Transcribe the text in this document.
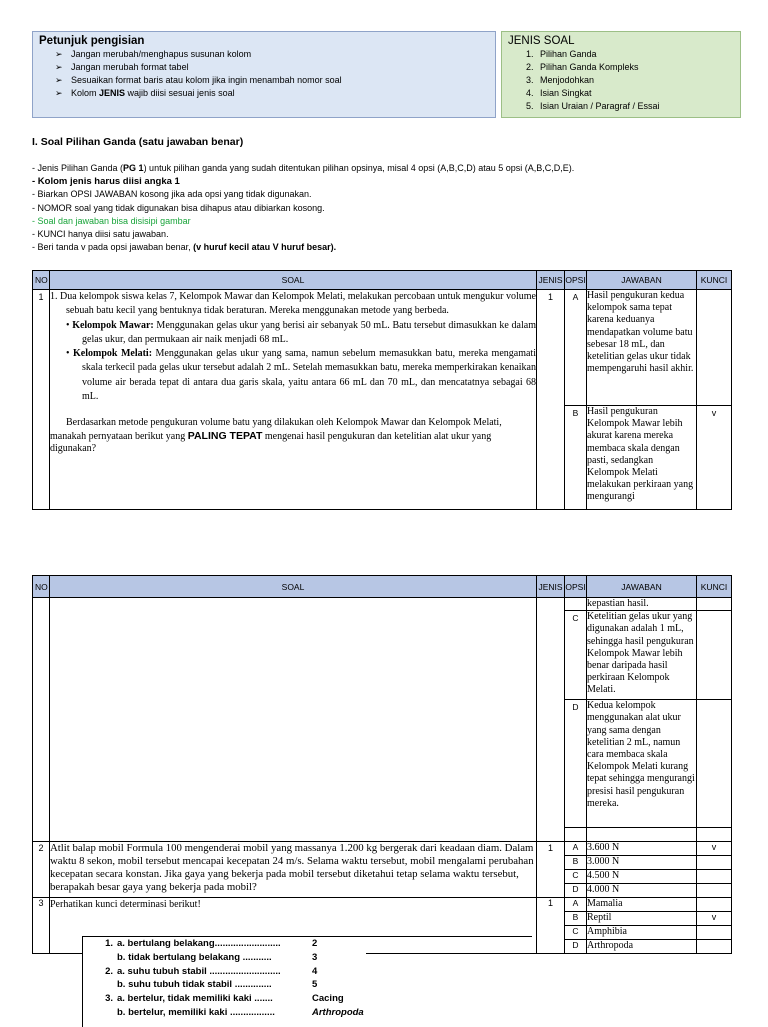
Petunjuk pengisian
➢ Jangan merubah/menghapus susunan kolom
➢ Jangan merubah format tabel
➢ Sesuaikan format baris atau kolom jika ingin menambah nomor soal
➢ Kolom JENIS wajib diisi sesuai jenis soal
JENIS SOAL
1. Pilihan Ganda
2. Pilihan Ganda Kompleks
3. Menjodohkan
4. Isian Singkat
5. Isian Uraian / Paragraf / Essai
I. Soal Pilihan Ganda (satu jawaban benar)
- Jenis Pilihan Ganda (PG 1) untuk pilihan ganda yang sudah ditentukan pilihan opsinya, misal 4 opsi (A,B,C,D) atau 5 opsi (A,B,C,D,E).
- Kolom jenis harus diisi angka 1
- Biarkan OPSI JAWABAN kosong jika ada opsi yang tidak digunakan.
- NOMOR soal yang tidak digunakan bisa dihapus atau dibiarkan kosong.
- Soal dan jawaban bisa disisipi gambar
- KUNCI hanya diisi satu jawaban.
- Beri tanda v pada opsi jawaban benar, (v huruf kecil atau V huruf besar).
NO	SOAL	JENIS	OPSI	JAWABAN	KUNCI
1	1. Dua kelompok siswa kelas 7, Kelompok Mawar dan Kelompok Melati, melakukan percobaan untuk mengukur volume sebuah batu kecil yang bentuknya tidak beraturan. Mereka menggunakan metode yang berbeda.

• Kelompok Mawar: Menggunakan gelas ukur yang berisi air sebanyak 50 mL. Batu tersebut dimasukkan ke dalam gelas ukur, dan permukaan air naik menjadi 68 mL.

• Kelompok Melati: Menggunakan gelas ukur yang sama, namun sebelum memasukkan batu, mereka mengamati skala terkecil pada gelas ukur tersebut adalah 2 mL. Setelah memasukkan batu, mereka memperkirakan kenaikan volume air berada tepat di antara dua garis skala, yaitu antara 66 mL dan 70 mL, dan mencatatnya sebagai 68 mL.

Berdasarkan metode pengukuran volume batu yang dilakukan oleh Kelompok Mawar dan Kelompok Melati, manakah pernyataan berikut yang PALING TEPAT mengenai hasil pengukuran dan ketelitian alat ukur yang digunakan?	1	A	Hasil pengukuran kedua kelompok sama tepat karena keduanya mendapatkan volume batu sebesar 18 mL, dan ketelitian gelas ukur tidak mempengaruhi hasil akhir.	
			B	Hasil pengukuran Kelompok Mawar lebih akurat karena mereka membaca skala dengan pasti, sedangkan Kelompok Melati melakukan perkiraan yang mengurangi	v
NO	SOAL	JENIS	OPSI	JAWABAN	KUNCI
				kepastian hasil.	
			C	Ketelitian gelas ukur yang digunakan adalah 1 mL, sehingga hasil pengukuran Kelompok Mawar lebih benar daripada hasil perkiraan Kelompok Melati.	
			D	Kedua kelompok menggunakan alat ukur yang sama dengan ketelitian 2 mL, namun cara membaca skala Kelompok Melati kurang tepat sehingga mengurangi presisi hasil pengukuran mereka.	

2	Atlit balap mobil Formula 100 mengenderai mobil yang massanya 1.200 kg bergerak dari keadaan diam. Dalam waktu 8 sekon, mobil tersebut mencapai kecepatan 24 m/s. Selama waktu tersebut, mobil mengalami perubahan kecepatan secara konstan. Jika gaya yang bekerja pada mobil tersebut diketahui tetap selama waktu tersebut, berapakah besar gaya yang bekerja pada mobil?	1	A	3.600 N	v
			B	3.000 N	
			C	4.500 N	
			D	4.000 N	
3	Perhatikan kunci determinasi berikut!	1	A	Mamalia	
			B	Reptil	v
			C	Amphibia	
			D	Arthropoda	
1. a. bertulang belakang.........................	2
b. tidak bertulang belakang ...........	3
2. a. suhu tubuh stabil ...........................	4
b. suhu tubuh tidak stabil ..............	5
3. a. bertelur, tidak memiliki kaki .......	Cacing
b. bertelur, memiliki kaki .................	Arthropoda
